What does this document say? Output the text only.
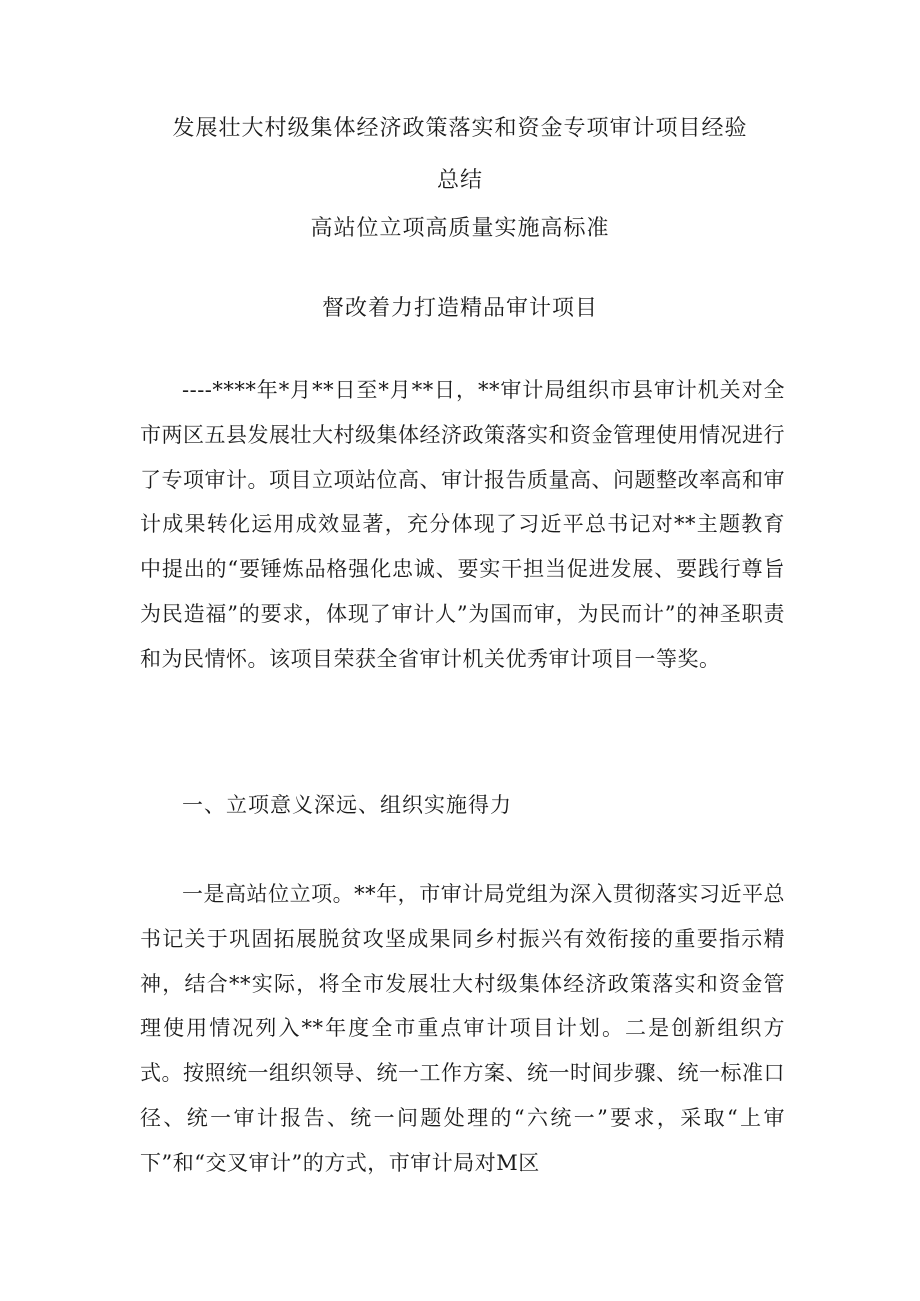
发展壮大村级集体经济政策落实和资金专项审计项目经验
总结
高站位立项高质量实施高标准
督改着力打造精品审计项目

----****年*月**日至*月**日，**审计局组织市县审计机关对全市两区五县发展壮大村级集体经济政策落实和资金管理使用情况进行了专项审计。项目立项站位高、审计报告质量高、问题整改率高和审计成果转化运用成效显著，充分体现了习近平总书记对**主题教育中提出的“要锤炼品格强化忠诚、要实干担当促进发展、要践行尊旨为民造福”的要求，体现了审计人”为国而审，为民而计”的神圣职责和为民情怀。该项目荣获全省审计机关优秀审计项目一等奖。

一、立项意义深远、组织实施得力

一是高站位立项。**年，市审计局党组为深入贯彻落实习近平总书记关于巩固拓展脱贫攻坚成果同乡村振兴有效衔接的重要指示精神，结合**实际，将全市发展壮大村级集体经济政策落实和资金管理使用情况列入**年度全市重点审计项目计划。二是创新组织方式。按照统一组织领导、统一工作方案、统一时间步骤、统一标准口径、统一审计报告、统一问题处理的“六统一”要求，采取“上审下”和“交叉审计”的方式，市审计局对M区
